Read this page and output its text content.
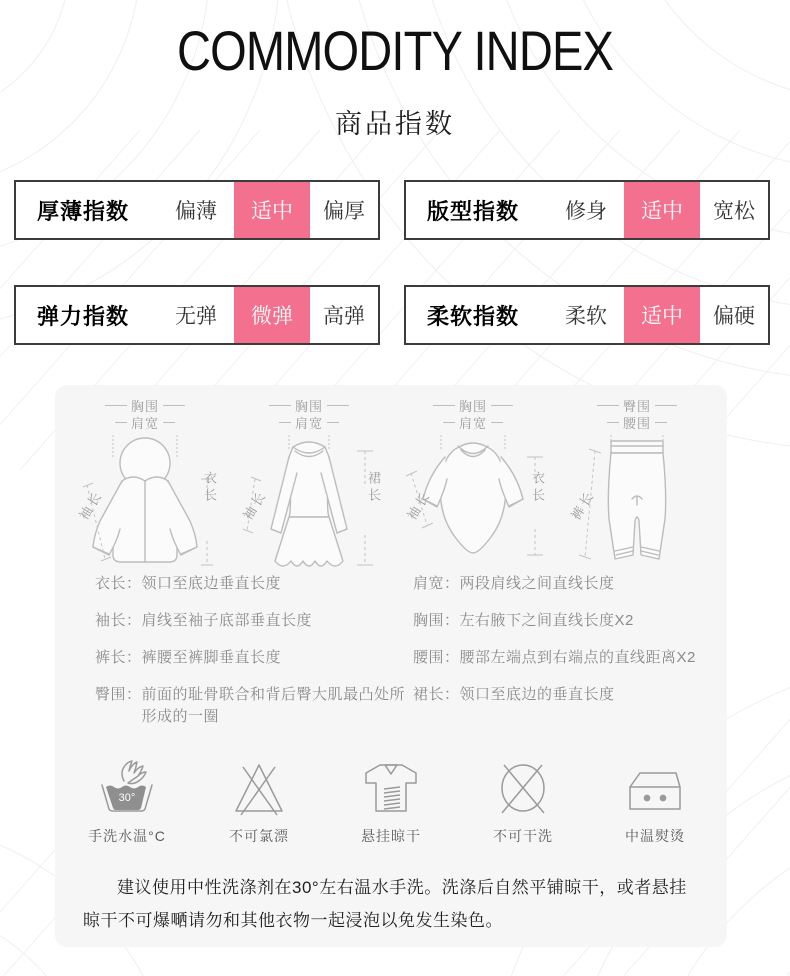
COMMODITY INDEX
商品指数
厚薄指数	偏薄	适中	偏厚	版型指数	修身	适中	宽松
弹力指数	无弹	微弹	高弹	柔软指数	柔软	适中	偏硬
胸围
肩宽
袖长	衣长
胸围
肩宽
袖长	裙长
胸围
肩宽
袖长	衣长
臀围
腰围
裤长
衣长： 领口至底边垂直长度
袖长： 肩线至袖子底部垂直长度
裤长： 裤腰至裤脚垂直长度
臀围： 前面的耻骨联合和背后臀大肌最凸处所形成的一圈
肩宽： 两段肩线之间直线长度
胸围： 左右腋下之间直线长度X2
腰围： 腰部左端点到右端点的直线距离X2
裙长： 领口至底边的垂直长度
30°
手洗水温°C	不可氯漂	悬挂晾干	不可干洗	中温熨烫
建议使用中性洗涤剂在30°左右温水手洗。洗涤后自然平铺晾干，或者悬挂晾干不可爆嗮请勿和其他衣物一起浸泡以免发生染色。
